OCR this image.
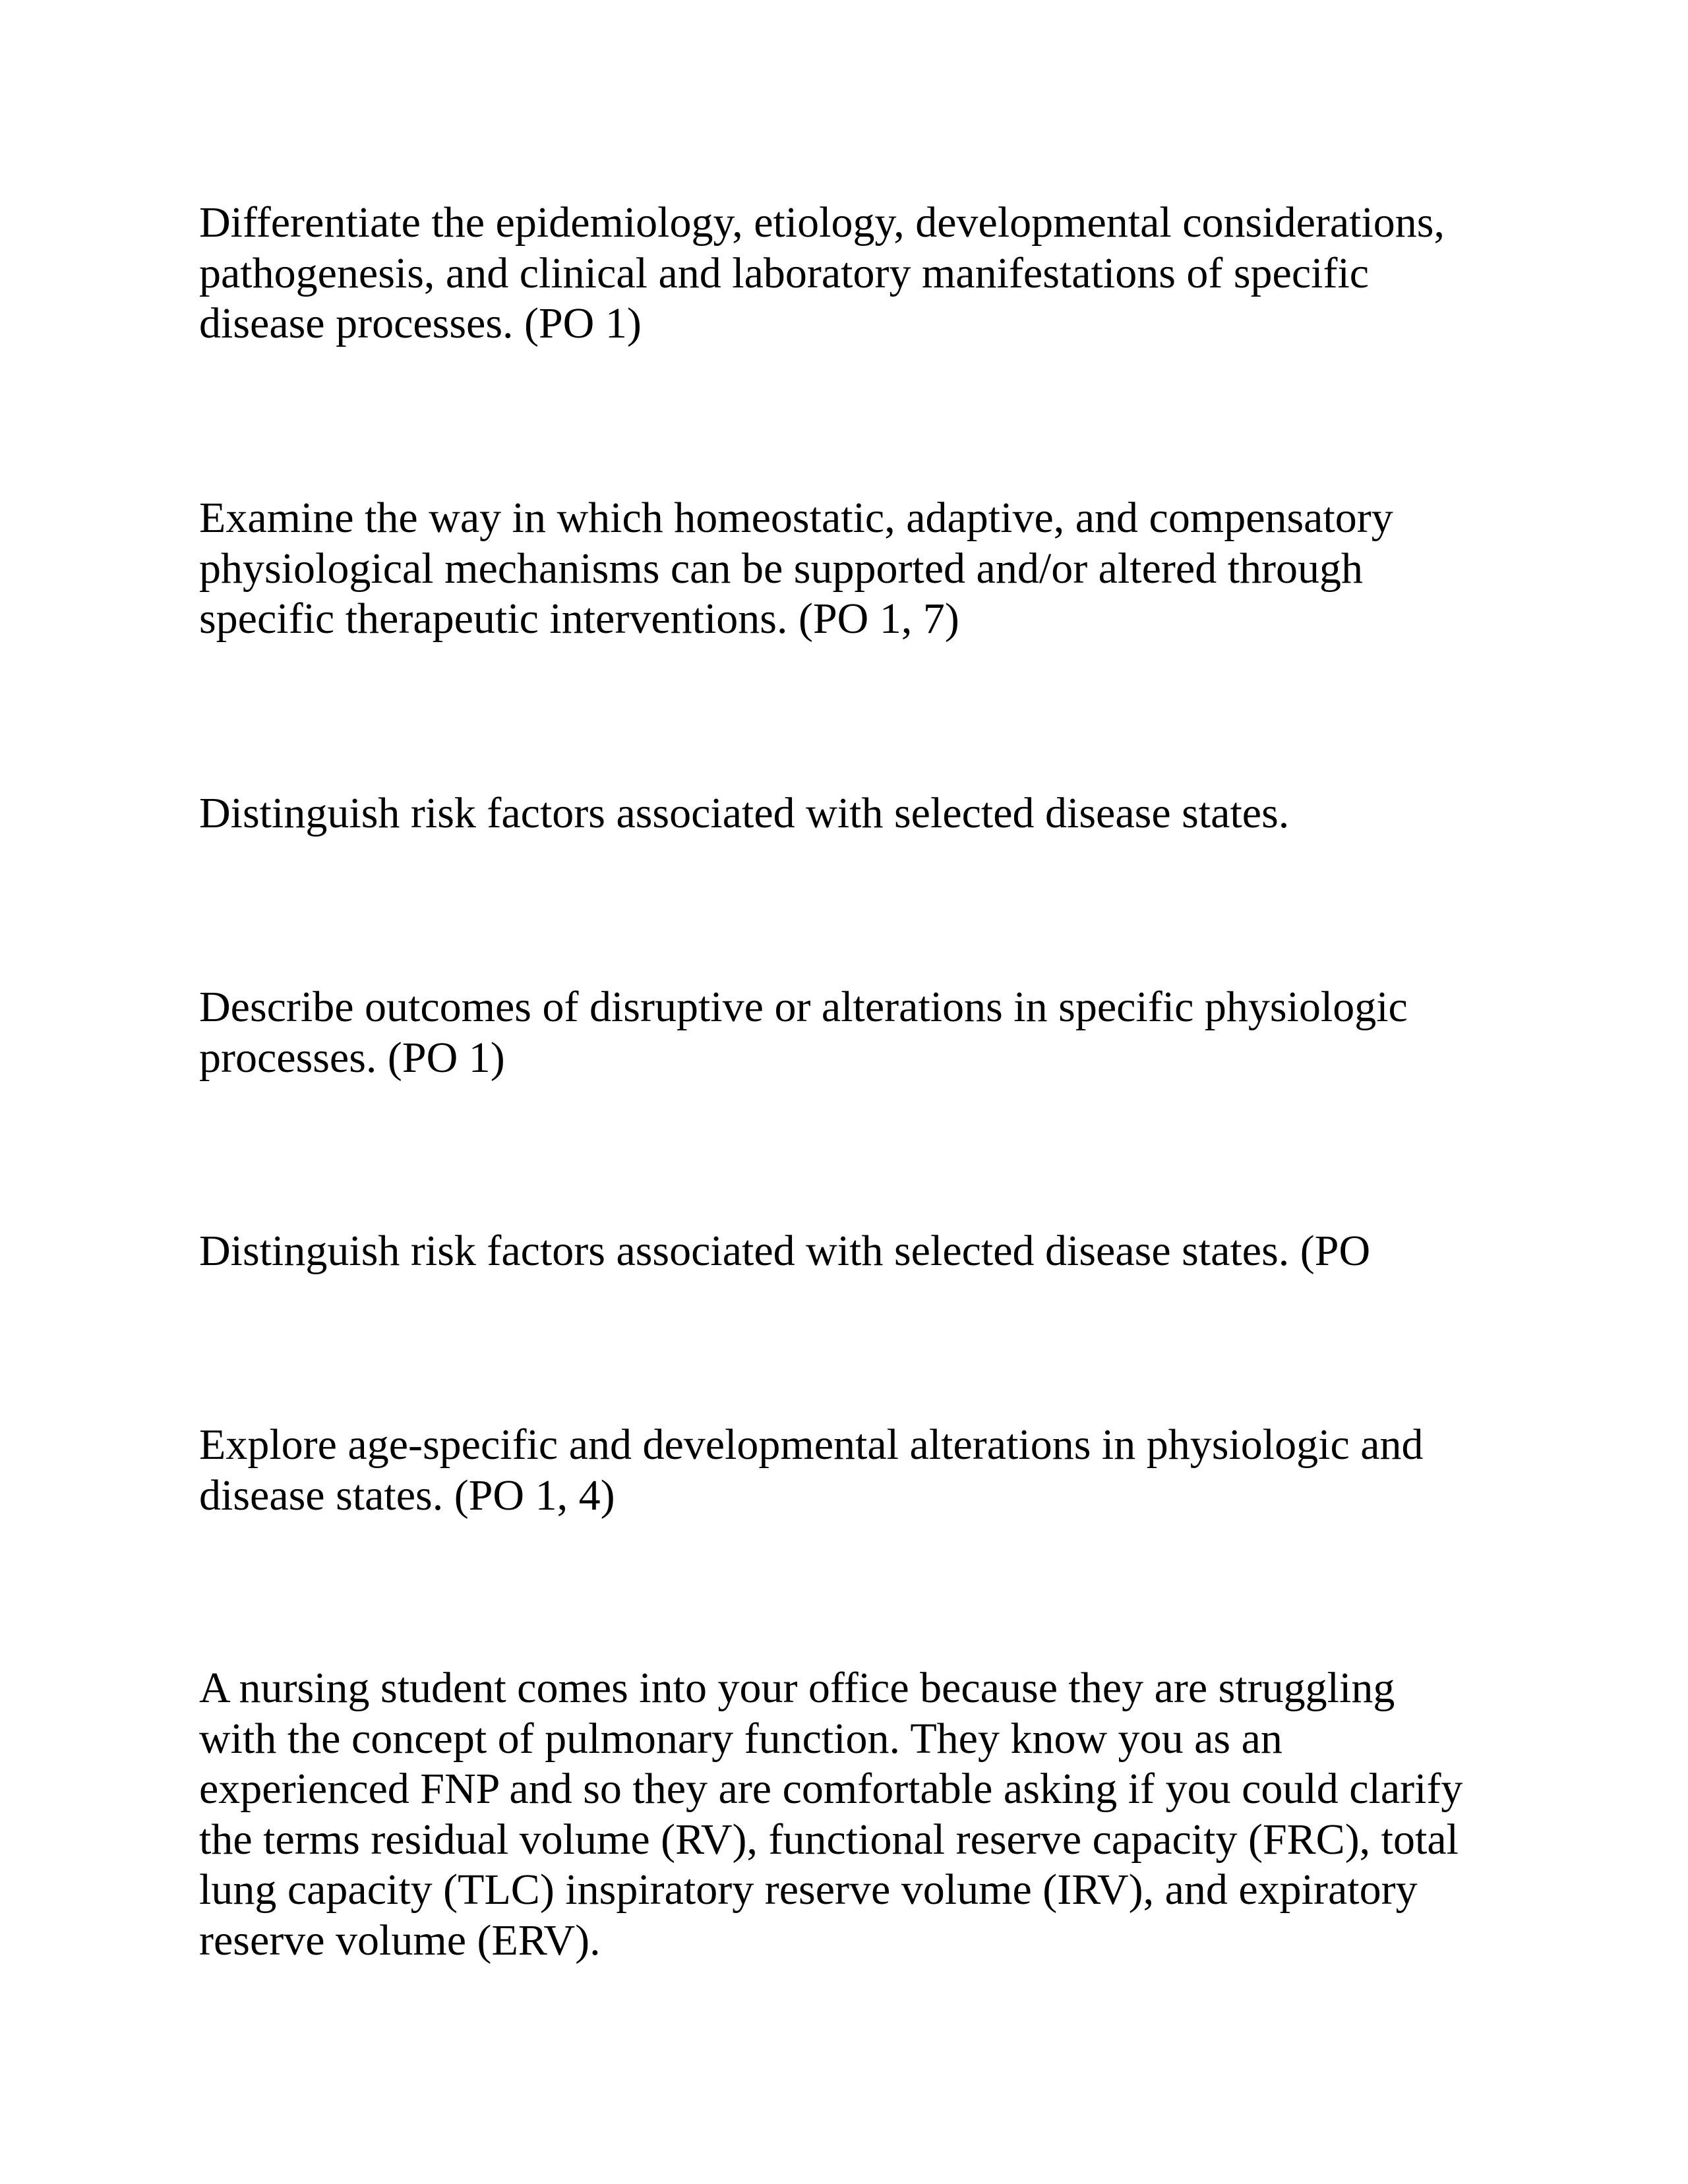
Differentiate the epidemiology, etiology, developmental considerations,
pathogenesis, and clinical and laboratory manifestations of specific
disease processes. (PO 1)

Examine the way in which homeostatic, adaptive, and compensatory
physiological mechanisms can be supported and/or altered through
specific therapeutic interventions. (PO 1, 7)

Distinguish risk factors associated with selected disease states.

Describe outcomes of disruptive or alterations in specific physiologic
processes. (PO 1)

Distinguish risk factors associated with selected disease states. (PO

Explore age-specific and developmental alterations in physiologic and
disease states. (PO 1, 4)

A nursing student comes into your office because they are struggling
with the concept of pulmonary function. They know you as an
experienced FNP and so they are comfortable asking if you could clarify
the terms residual volume (RV), functional reserve capacity (FRC), total
lung capacity (TLC) inspiratory reserve volume (IRV), and expiratory
reserve volume (ERV).
